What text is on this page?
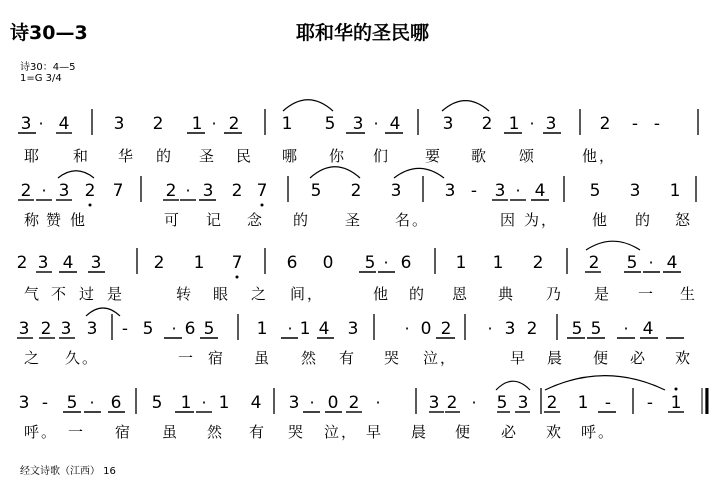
诗30—3	耶和华的圣民哪
诗30：4—5
1=G 3/4
经文诗歌（江西） 16
3 · 4	3 2 1 · 2 1 5 3 · 4 3 2 1 · 3	2 - -
耶 和 华 的 圣 民 哪 你 们 要 歌 颂	他，
2 · 3 2 7 2 · 3 2 7	5 2 3	3 - 3 · 4	5 3 1
称 赞 他	可 记 念 的 圣 名。	因 为， 他 的 怒
2 3 4 3	2 1 7	6 0 5 · 6	1 1 2	2 5 · 4
气 不 过 是	转 眼 之 间，	他 的 恩 典 乃 是 一 生
3 2 3 3 - 5 · 6 5 1 · 1 4 3	· 0 2 · 3 2 5 5 · 4
之 久。	一 宿 虽 然 有 哭 泣，	早 晨 便 必 欢
3 - 5 · 6 5 1 · 1 4 3 · 0 2 ·	3 2 · 5 3 2 1 - - 1
呼。 一 宿 虽 然 有 哭 泣， 早 晨 便 必 欢 呼。
